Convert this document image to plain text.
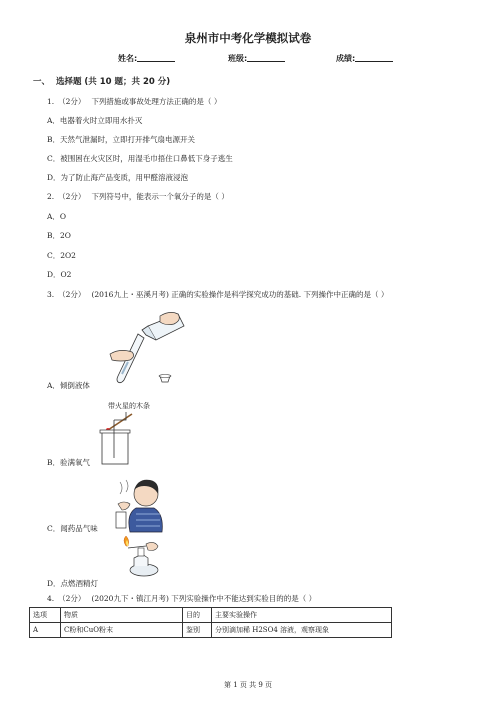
泉州市中考化学模拟试卷
姓名:	班级:	成绩:
一、 选择题 (共 10 题；共 20 分)
1. （2分） 下列措施或事故处理方法正确的是（ ）
A．电器着火时立即用水扑灭
B．天然气泄漏时，立即打开排气扇电源开关
C．被围困在火灾区时，用湿毛巾捂住口鼻低下身子逃生
D．为了防止海产品变质，用甲醛溶液浸泡
2. （2分） 下列符号中，能表示一个氧分子的是（ ）
A．O
B．2O
C．2O2
D．O2
3. （2分） (2016九上・巫溪月考) 正确的实验操作是科学探究成功的基础. 下列操作中正确的是（ ）
A．倾倒液体
带火星的木条
B．验满氧气
C．闻药品气味
D．点燃酒精灯
4. （2分） (2020九下・镇江月考) 下列实验操作中不能达到实验目的的是（ ）
选项	物质	目的	主要实验操作
A	C粉和CuO粉末	鉴别	分别滴加稀 H2SO4 溶液，观察现象
第 1 页 共 9 页
